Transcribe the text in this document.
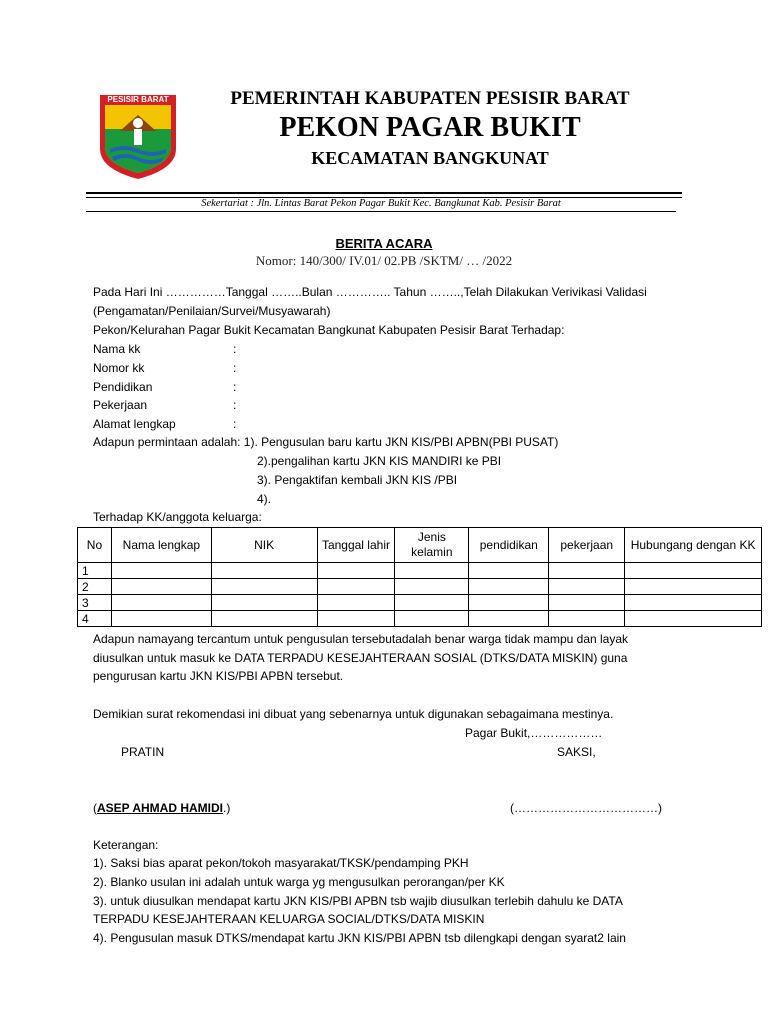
PESISIR BARAT	PEMERINTAH KABUPATEN PESISIR BARAT
PEKON PAGAR BUKIT
KECAMATAN BANGKUNAT
Sekertariat : Jln. Lintas Barat Pekon Pagar Bukit Kec. Bangkunat Kab. Pesisir Barat
BERITA ACARA
Nomor: 140/300/ IV.01/ 02.PB /SKTM/ … /2022
Pada Hari Ini ……………Tanggal ……..Bulan ………….. Tahun ……..,Telah Dilakukan Verivikasi Validasi
(Pengamatan/Penilaian/Survei/Musyawarah)
Pekon/Kelurahan Pagar Bukit Kecamatan Bangkunat Kabupaten Pesisir Barat Terhadap:
Nama kk	:
Nomor kk	:
Pendidikan	:
Pekerjaan	:
Alamat lengkap	:
Adapun permintaan adalah: 1). Pengusulan baru kartu JKN KIS/PBI APBN(PBI PUSAT)
2).pengalihan kartu JKN KIS MANDIRI ke PBI
3). Pengaktifan kembali JKN KIS /PBI
4).
Terhadap KK/anggota keluarga:
No	Nama lengkap	NIK	Tanggal lahir	Jenis kelamin	pendidikan	pekerjaan	Hubungang dengan KK
1							
2							
3							
4							
Adapun namayang tercantum untuk pengusulan tersebutadalah benar warga tidak mampu dan layak
diusulkan untuk masuk ke DATA TERPADU KESEJAHTERAAN SOSIAL (DTKS/DATA MISKIN) guna
pengurusan kartu JKN KIS/PBI APBN tersebut.
Demikian surat rekomendasi ini dibuat yang sebenarnya untuk digunakan sebagaimana mestinya.
Pagar Bukit,………………
PRATIN	SAKSI,
(ASEP AHMAD HAMIDI.)	(………………………………)
Keterangan:
1). Saksi bias aparat pekon/tokoh masyarakat/TKSK/pendamping PKH
2). Blanko usulan ini adalah untuk warga yg mengusulkan perorangan/per KK
3). untuk diusulkan mendapat kartu JKN KIS/PBI APBN tsb wajib diusulkan terlebih dahulu ke DATA
TERPADU KESEJAHTERAAN KELUARGA SOCIAL/DTKS/DATA MISKIN
4). Pengusulan masuk DTKS/mendapat kartu JKN KIS/PBI APBN tsb dilengkapi dengan syarat2 lain
